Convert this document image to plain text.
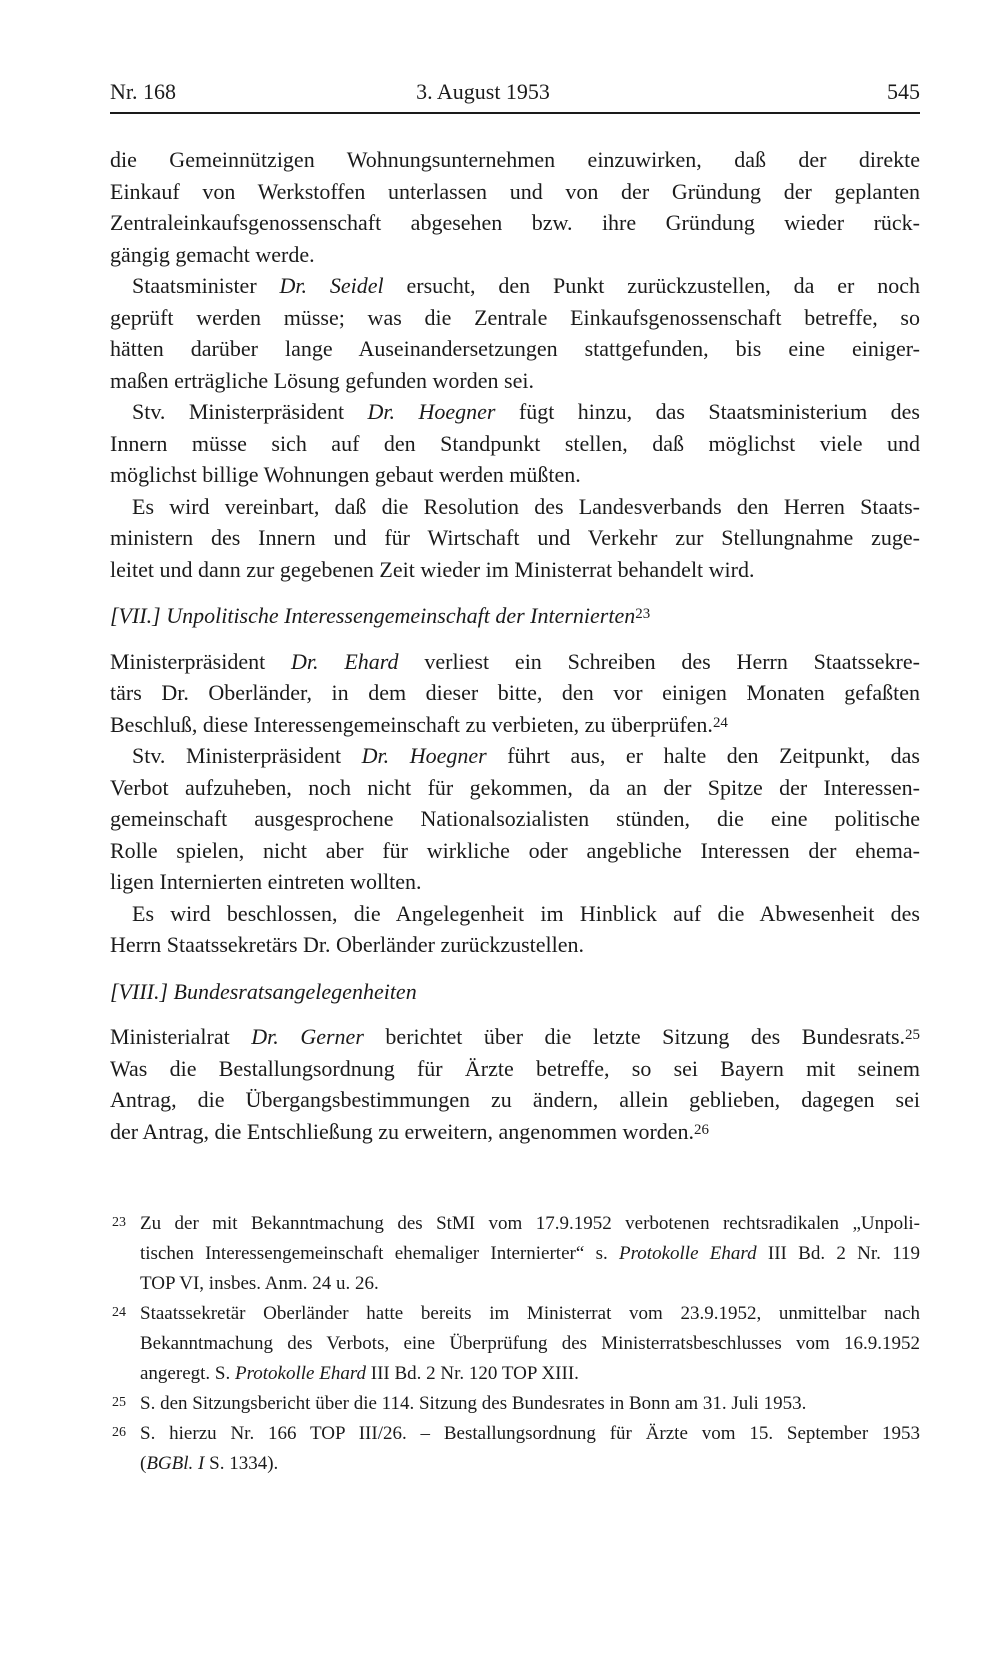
Nr. 168	3. August 1953	545
die Gemeinnützigen Wohnungsunternehmen einzuwirken, daß der direkte
Einkauf von Werkstoffen unterlassen und von der Gründung der geplanten
Zentraleinkaufsgenossenschaft abgesehen bzw. ihre Gründung wieder rück-
gängig gemacht werde.
Staatsminister Dr. Seidel ersucht, den Punkt zurückzustellen, da er noch
geprüft werden müsse; was die Zentrale Einkaufsgenossenschaft betreffe, so
hätten darüber lange Auseinandersetzungen stattgefunden, bis eine einiger-
maßen erträgliche Lösung gefunden worden sei.
Stv. Ministerpräsident Dr. Hoegner fügt hinzu, das Staatsministerium des
Innern müsse sich auf den Standpunkt stellen, daß möglichst viele und
möglichst billige Wohnungen gebaut werden müßten.
Es wird vereinbart, daß die Resolution des Landesverbands den Herren Staats-
ministern des Innern und für Wirtschaft und Verkehr zur Stellungnahme zuge-
leitet und dann zur gegebenen Zeit wieder im Ministerrat behandelt wird.
[VII.] Unpolitische Interessengemeinschaft der Internierten$^{23}$
Ministerpräsident Dr. Ehard verliest ein Schreiben des Herrn Staatssekre-
tärs Dr. Oberländer, in dem dieser bitte, den vor einigen Monaten gefaßten
Beschluß, diese Interessengemeinschaft zu verbieten, zu überprüfen.$^{24}$
Stv. Ministerpräsident Dr. Hoegner führt aus, er halte den Zeitpunkt, das
Verbot aufzuheben, noch nicht für gekommen, da an der Spitze der Interessen-
gemeinschaft ausgesprochene Nationalsozialisten stünden, die eine politische
Rolle spielen, nicht aber für wirkliche oder angebliche Interessen der ehema-
ligen Internierten eintreten wollten.
Es wird beschlossen, die Angelegenheit im Hinblick auf die Abwesenheit des
Herrn Staatssekretärs Dr. Oberländer zurückzustellen.
[VIII.] Bundesratsangelegenheiten
Ministerialrat Dr. Gerner berichtet über die letzte Sitzung des Bundesrats.$^{25}$
Was die Bestallungsordnung für Ärzte betreffe, so sei Bayern mit seinem
Antrag, die Übergangsbestimmungen zu ändern, allein geblieben, dagegen sei
der Antrag, die Entschließung zu erweitern, angenommen worden.$^{26}$
23 Zu der mit Bekanntmachung des StMI vom 17.9.1952 verbotenen rechtsradikalen „Unpoli-
tischen Interessengemeinschaft ehemaliger Internierter“ s. Protokolle Ehard III Bd. 2 Nr. 119
TOP VI, insbes. Anm. 24 u. 26.
24 Staatssekretär Oberländer hatte bereits im Ministerrat vom 23.9.1952, unmittelbar nach
Bekanntmachung des Verbots, eine Überprüfung des Ministerratsbeschlusses vom 16.9.1952
angeregt. S. Protokolle Ehard III Bd. 2 Nr. 120 TOP XIII.
25 S. den Sitzungsbericht über die 114. Sitzung des Bundesrates in Bonn am 31. Juli 1953.
26 S. hierzu Nr. 166 TOP III/26. – Bestallungsordnung für Ärzte vom 15. September 1953
(BGBl. I S. 1334).
